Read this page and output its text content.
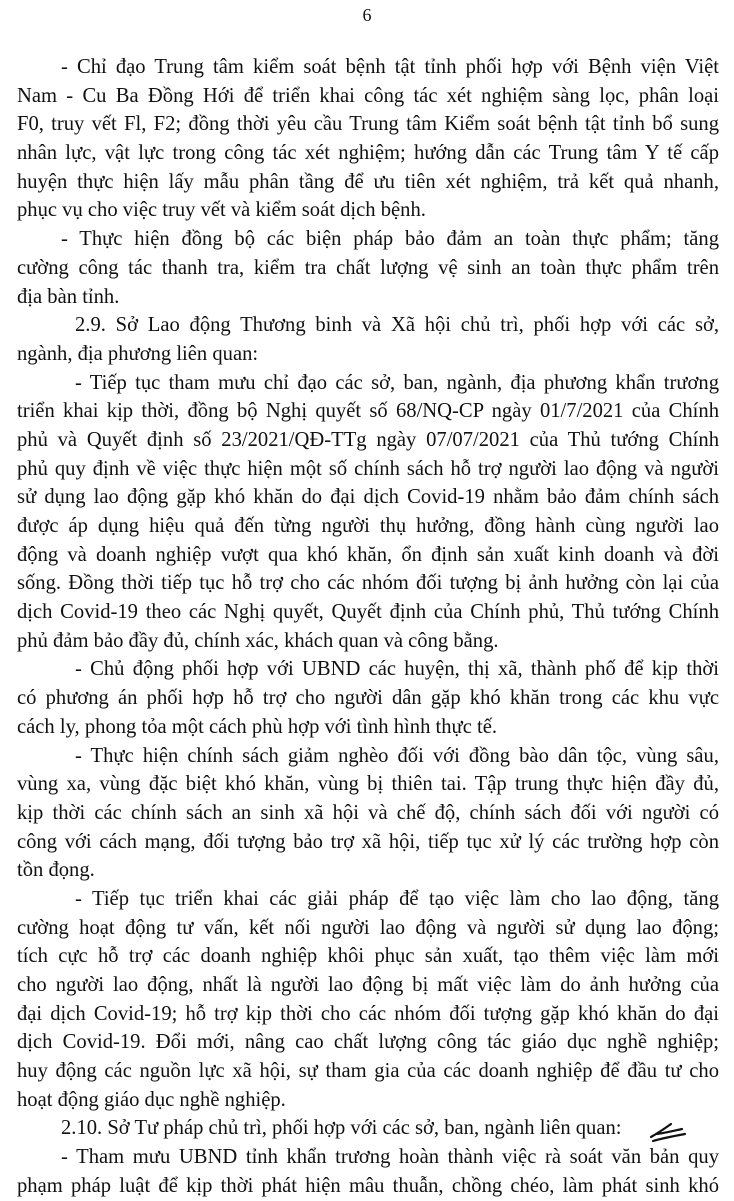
6
- Chỉ đạo Trung tâm kiểm soát bệnh tật tỉnh phối hợp với Bệnh viện Việt
Nam - Cu Ba Đồng Hới để triển khai công tác xét nghiệm sàng lọc, phân loại
F0, truy vết Fl, F2; đồng thời yêu cầu Trung tâm Kiểm soát bệnh tật tỉnh bổ sung
nhân lực, vật lực trong công tác xét nghiệm; hướng dẫn các Trung tâm Y tế cấp
huyện thực hiện lấy mẫu phân tầng để ưu tiên xét nghiệm, trả kết quả nhanh,
phục vụ cho việc truy vết và kiểm soát dịch bệnh.
- Thực hiện đồng bộ các biện pháp bảo đảm an toàn thực phẩm; tăng
cường công tác thanh tra, kiểm tra chất lượng vệ sinh an toàn thực phẩm trên
địa bàn tỉnh.
2.9. Sở Lao động Thương binh và Xã hội chủ trì, phối hợp với các sở,
ngành, địa phương liên quan:
- Tiếp tục tham mưu chỉ đạo các sở, ban, ngành, địa phương khẩn trương
triển khai kịp thời, đồng bộ Nghị quyết số 68/NQ-CP ngày 01/7/2021 của Chính
phủ và Quyết định số 23/2021/QĐ-TTg ngày 07/07/2021 của Thủ tướng Chính
phủ quy định về việc thực hiện một số chính sách hỗ trợ người lao động và người
sử dụng lao động gặp khó khăn do đại dịch Covid-19 nhằm bảo đảm chính sách
được áp dụng hiệu quả đến từng người thụ hưởng, đồng hành cùng người lao
động và doanh nghiệp vượt qua khó khăn, ổn định sản xuất kinh doanh và đời
sống. Đồng thời tiếp tục hỗ trợ cho các nhóm đối tượng bị ảnh hưởng còn lại của
dịch Covid-19 theo các Nghị quyết, Quyết định của Chính phủ, Thủ tướng Chính
phủ đảm bảo đầy đủ, chính xác, khách quan và công bằng.
- Chủ động phối hợp với UBND các huyện, thị xã, thành phố để kịp thời
có phương án phối hợp hỗ trợ cho người dân gặp khó khăn trong các khu vực
cách ly, phong tỏa một cách phù hợp với tình hình thực tế.
- Thực hiện chính sách giảm nghèo đối với đồng bào dân tộc, vùng sâu,
vùng xa, vùng đặc biệt khó khăn, vùng bị thiên tai. Tập trung thực hiện đầy đủ,
kịp thời các chính sách an sinh xã hội và chế độ, chính sách đối với người có
công với cách mạng, đối tượng bảo trợ xã hội, tiếp tục xử lý các trường hợp còn
tồn đọng.
- Tiếp tục triển khai các giải pháp để tạo việc làm cho lao động, tăng
cường hoạt động tư vấn, kết nối người lao động và người sử dụng lao động;
tích cực hỗ trợ các doanh nghiệp khôi phục sản xuất, tạo thêm việc làm mới
cho người lao động, nhất là người lao động bị mất việc làm do ảnh hưởng của
đại dịch Covid-19; hỗ trợ kịp thời cho các nhóm đối tượng gặp khó khăn do đại
dịch Covid-19. Đổi mới, nâng cao chất lượng công tác giáo dục nghề nghiệp;
huy động các nguồn lực xã hội, sự tham gia của các doanh nghiệp để đầu tư cho
hoạt động giáo dục nghề nghiệp.
2.10. Sở Tư pháp chủ trì, phối hợp với các sở, ban, ngành liên quan:
- Tham mưu UBND tỉnh khẩn trương hoàn thành việc rà soát văn bản quy
phạm pháp luật để kịp thời phát hiện mâu thuẫn, chồng chéo, làm phát sinh khó
